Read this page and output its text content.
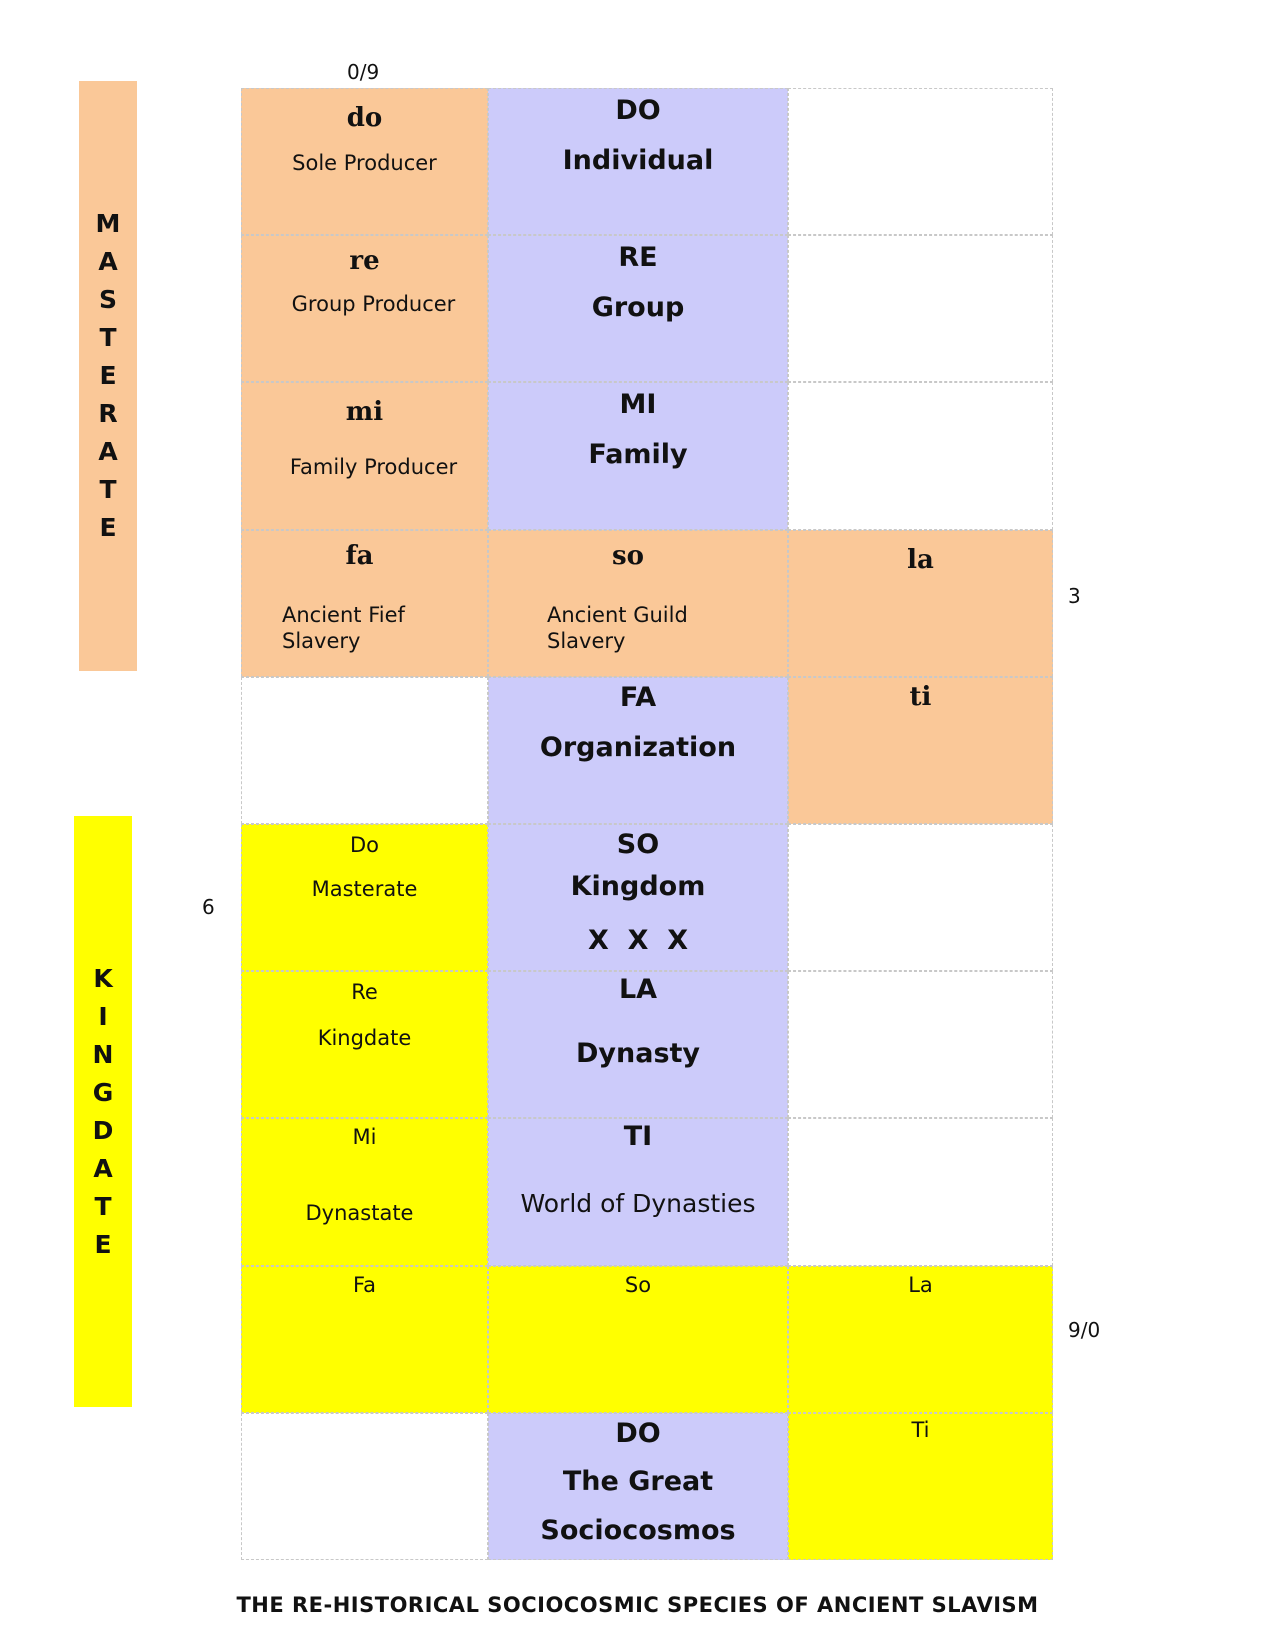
M
A
S
T
E
R
A
T
E
K
I
N
G
D
A
T
E
0/9
3
6
9/0
do
Sole Producer
DO
Individual
re
Group Producer
RE
Group
mi
Family Producer
MI
Family
fa
Ancient Fief
Slavery
so
Ancient Guild
Slavery
la
FA
Organization
ti
Do
Masterate
SO
Kingdom
X  X  X
Re
Kingdate
LA
Dynasty
Mi
Dynastate
TI
World of Dynasties
Fa	So	La
DO
The Great
Sociocosmos
Ti
THE RE-HISTORICAL SOCIOCOSMIC SPECIES OF ANCIENT SLAVISM
